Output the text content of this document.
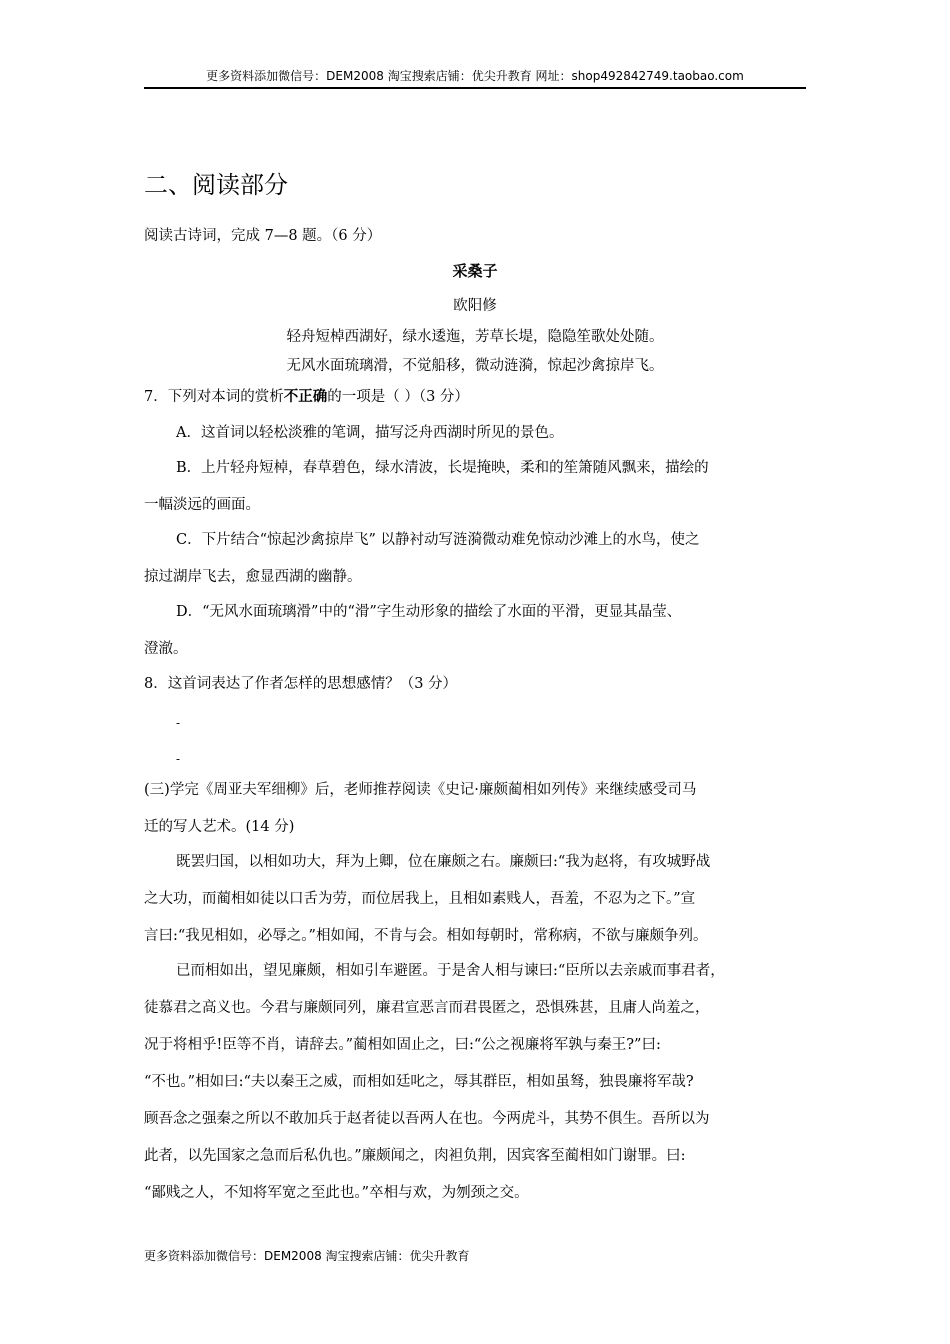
更多资料添加微信号：DEM2008 淘宝搜索店铺：优尖升教育 网址：shop492842749.taobao.com
二、阅读部分
阅读古诗词，完成 7—8 题。（6 分）
采桑子
欧阳修
轻舟短棹西湖好，绿水逶迤，芳草长堤，隐隐笙歌处处随。
无风水面琉璃滑，不觉船移，微动涟漪，惊起沙禽掠岸飞。
7．下列对本词的赏析不正确的一项是（ ）（3 分）
A．这首词以轻松淡雅的笔调，描写泛舟西湖时所见的景色。
B．上片轻舟短棹，春草碧色，绿水清波，长堤掩映，柔和的笙箫随风飘来，描绘的
一幅淡远的画面。
C．下片结合“惊起沙禽掠岸飞” 以静衬动写涟漪微动难免惊动沙滩上的水鸟，使之
掠过湖岸飞去，愈显西湖的幽静。
D．“无风水面琉璃滑”中的“滑”字生动形象的描绘了水面的平滑，更显其晶莹、
澄澈。
8．这首词表达了作者怎样的思想感情？（3 分）
-
-
(三)学完《周亚夫军细柳》后，老师推荐阅读《史记·廉颇蔺相如列传》来继续感受司马
迁的写人艺术。(14 分)
既罢归国，以相如功大，拜为上卿，位在廉颇之右。廉颇曰:“我为赵将，有攻城野战
之大功，而蔺相如徒以口舌为劳，而位居我上，且相如素贱人，吾羞，不忍为之下。”宣
言曰:“我见相如，必辱之。”相如闻，不肯与会。相如每朝时，常称病，不欲与廉颇争列。
已而相如出，望见廉颇，相如引车避匿。于是舍人相与谏曰:“臣所以去亲戚而事君者，
徒慕君之高义也。今君与廉颇同列，廉君宣恶言而君畏匿之，恐惧殊甚，且庸人尚羞之，
况于将相乎!臣等不肖，请辞去。”蔺相如固止之，曰:“公之视廉将军孰与秦王?”曰:
“不也。”相如曰:“夫以秦王之威，而相如廷叱之，辱其群臣，相如虽驽，独畏廉将军哉?
顾吾念之强秦之所以不敢加兵于赵者徒以吾两人在也。今两虎斗，其势不俱生。吾所以为
此者，以先国家之急而后私仇也。”廉颇闻之，肉袒负荆，因宾客至蔺相如门谢罪。曰:
“鄙贱之人，不知将军宽之至此也。”卒相与欢，为刎颈之交。
更多资料添加微信号：DEM2008 淘宝搜索店铺：优尖升教育
